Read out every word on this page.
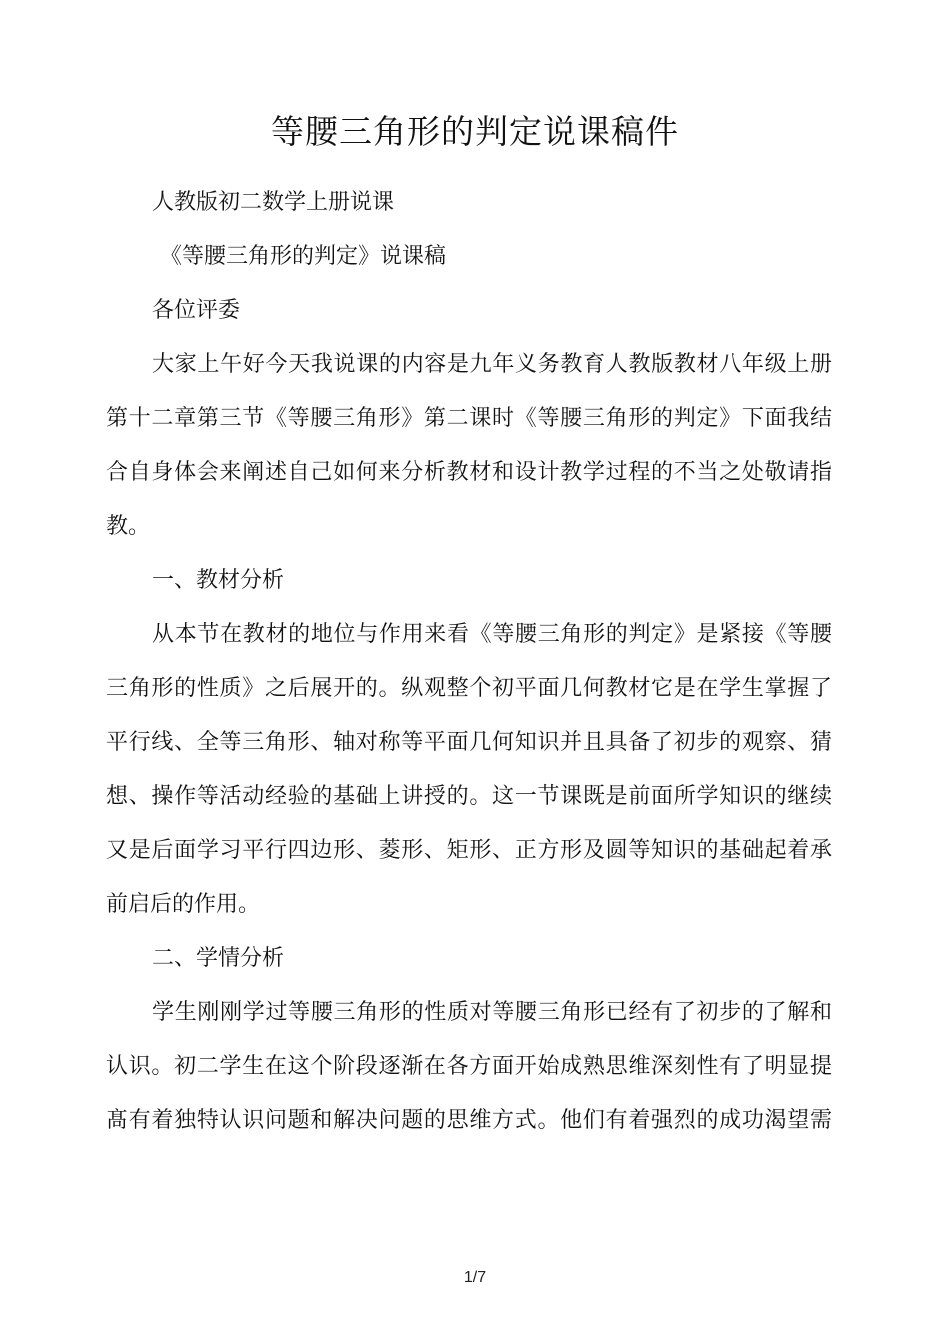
等腰三角形的判定说课稿件
人教版初二数学上册说课
《等腰三角形的判定》说课稿
各位评委
大家上午好今天我说课的内容是九年义务教育人教版教材八年级上册
第十二章第三节《等腰三角形》第二课时《等腰三角形的判定》下面我结
合自身体会来阐述自己如何来分析教材和设计教学过程的不当之处敬请指
教。
一、教材分析
从本节在教材的地位与作用来看《等腰三角形的判定》是紧接《等腰
三角形的性质》之后展开的。纵观整个初平面几何教材它是在学生掌握了
平行线、全等三角形、轴对称等平面几何知识并且具备了初步的观察、猜
想、操作等活动经验的基础上讲授的。这一节课既是前面所学知识的继续
又是后面学习平行四边形、菱形、矩形、正方形及圆等知识的基础起着承
前启后的作用。
二、学情分析
学生刚刚学过等腰三角形的性质对等腰三角形已经有了初步的了解和
认识。初二学生在这个阶段逐渐在各方面开始成熟思维深刻性有了明显提
髙有着独特认识问题和解决问题的思维方式。他们有着强烈的成功渴望需
1/7
